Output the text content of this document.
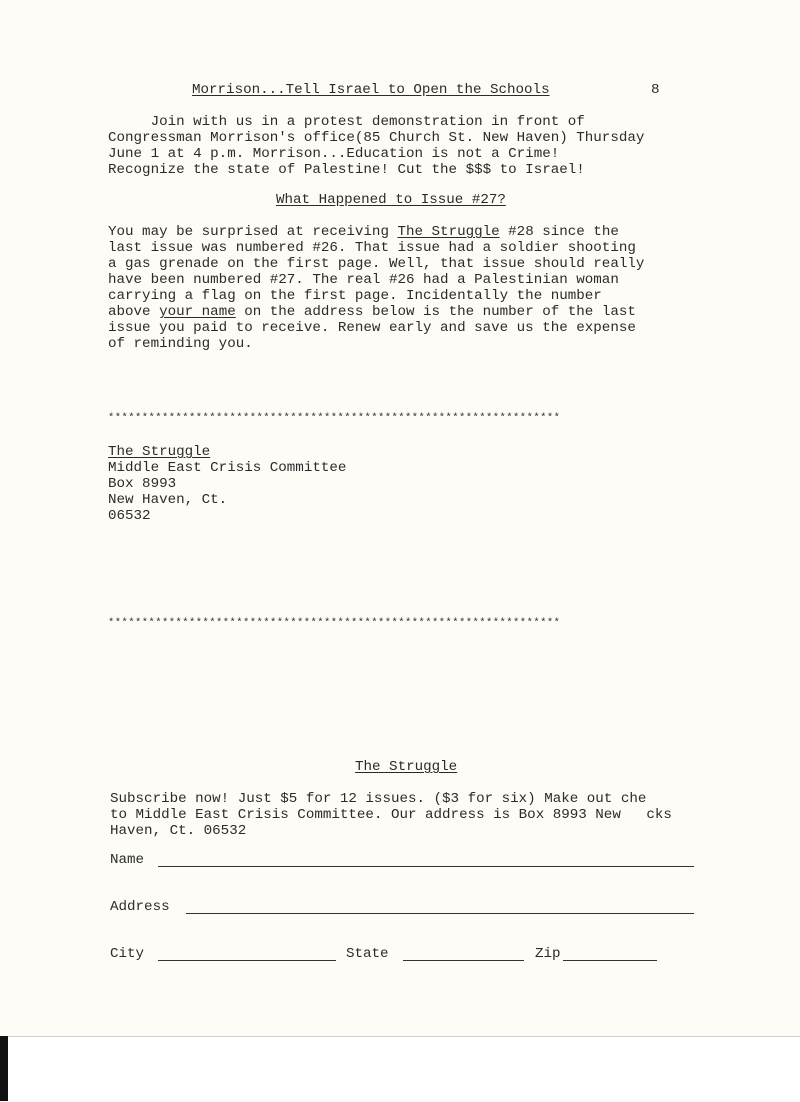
Morrison...Tell Israel to Open the Schools	8
Join with us in a protest demonstration in front of
Congressman Morrison's office(85 Church St. New Haven) Thursday
June 1 at 4 p.m. Morrison...Education is not a Crime!
Recognize the state of Palestine! Cut the $$$ to Israel!
What Happened to Issue #27?
You may be surprised at receiving The Struggle #28 since the
last issue was numbered #26. That issue had a soldier shooting
a gas grenade on the first page. Well, that issue should really
have been numbered #27. The real #26 had a Palestinian woman
carrying a flag on the first page. Incidentally the number
above your name on the address below is the number of the last
issue you paid to receive. Renew early and save us the expense
of reminding you.
*******************************************************************
The Struggle
Middle East Crisis Committee
Box 8993
New Haven, Ct.
06532
*******************************************************************
The Struggle
Subscribe now! Just $5 for 12 issues. ($3 for six) Make out che
to Middle East Crisis Committee. Our address is Box 8993 New   cks
Haven, Ct. 06532
Name
Address
City	State	Zip
